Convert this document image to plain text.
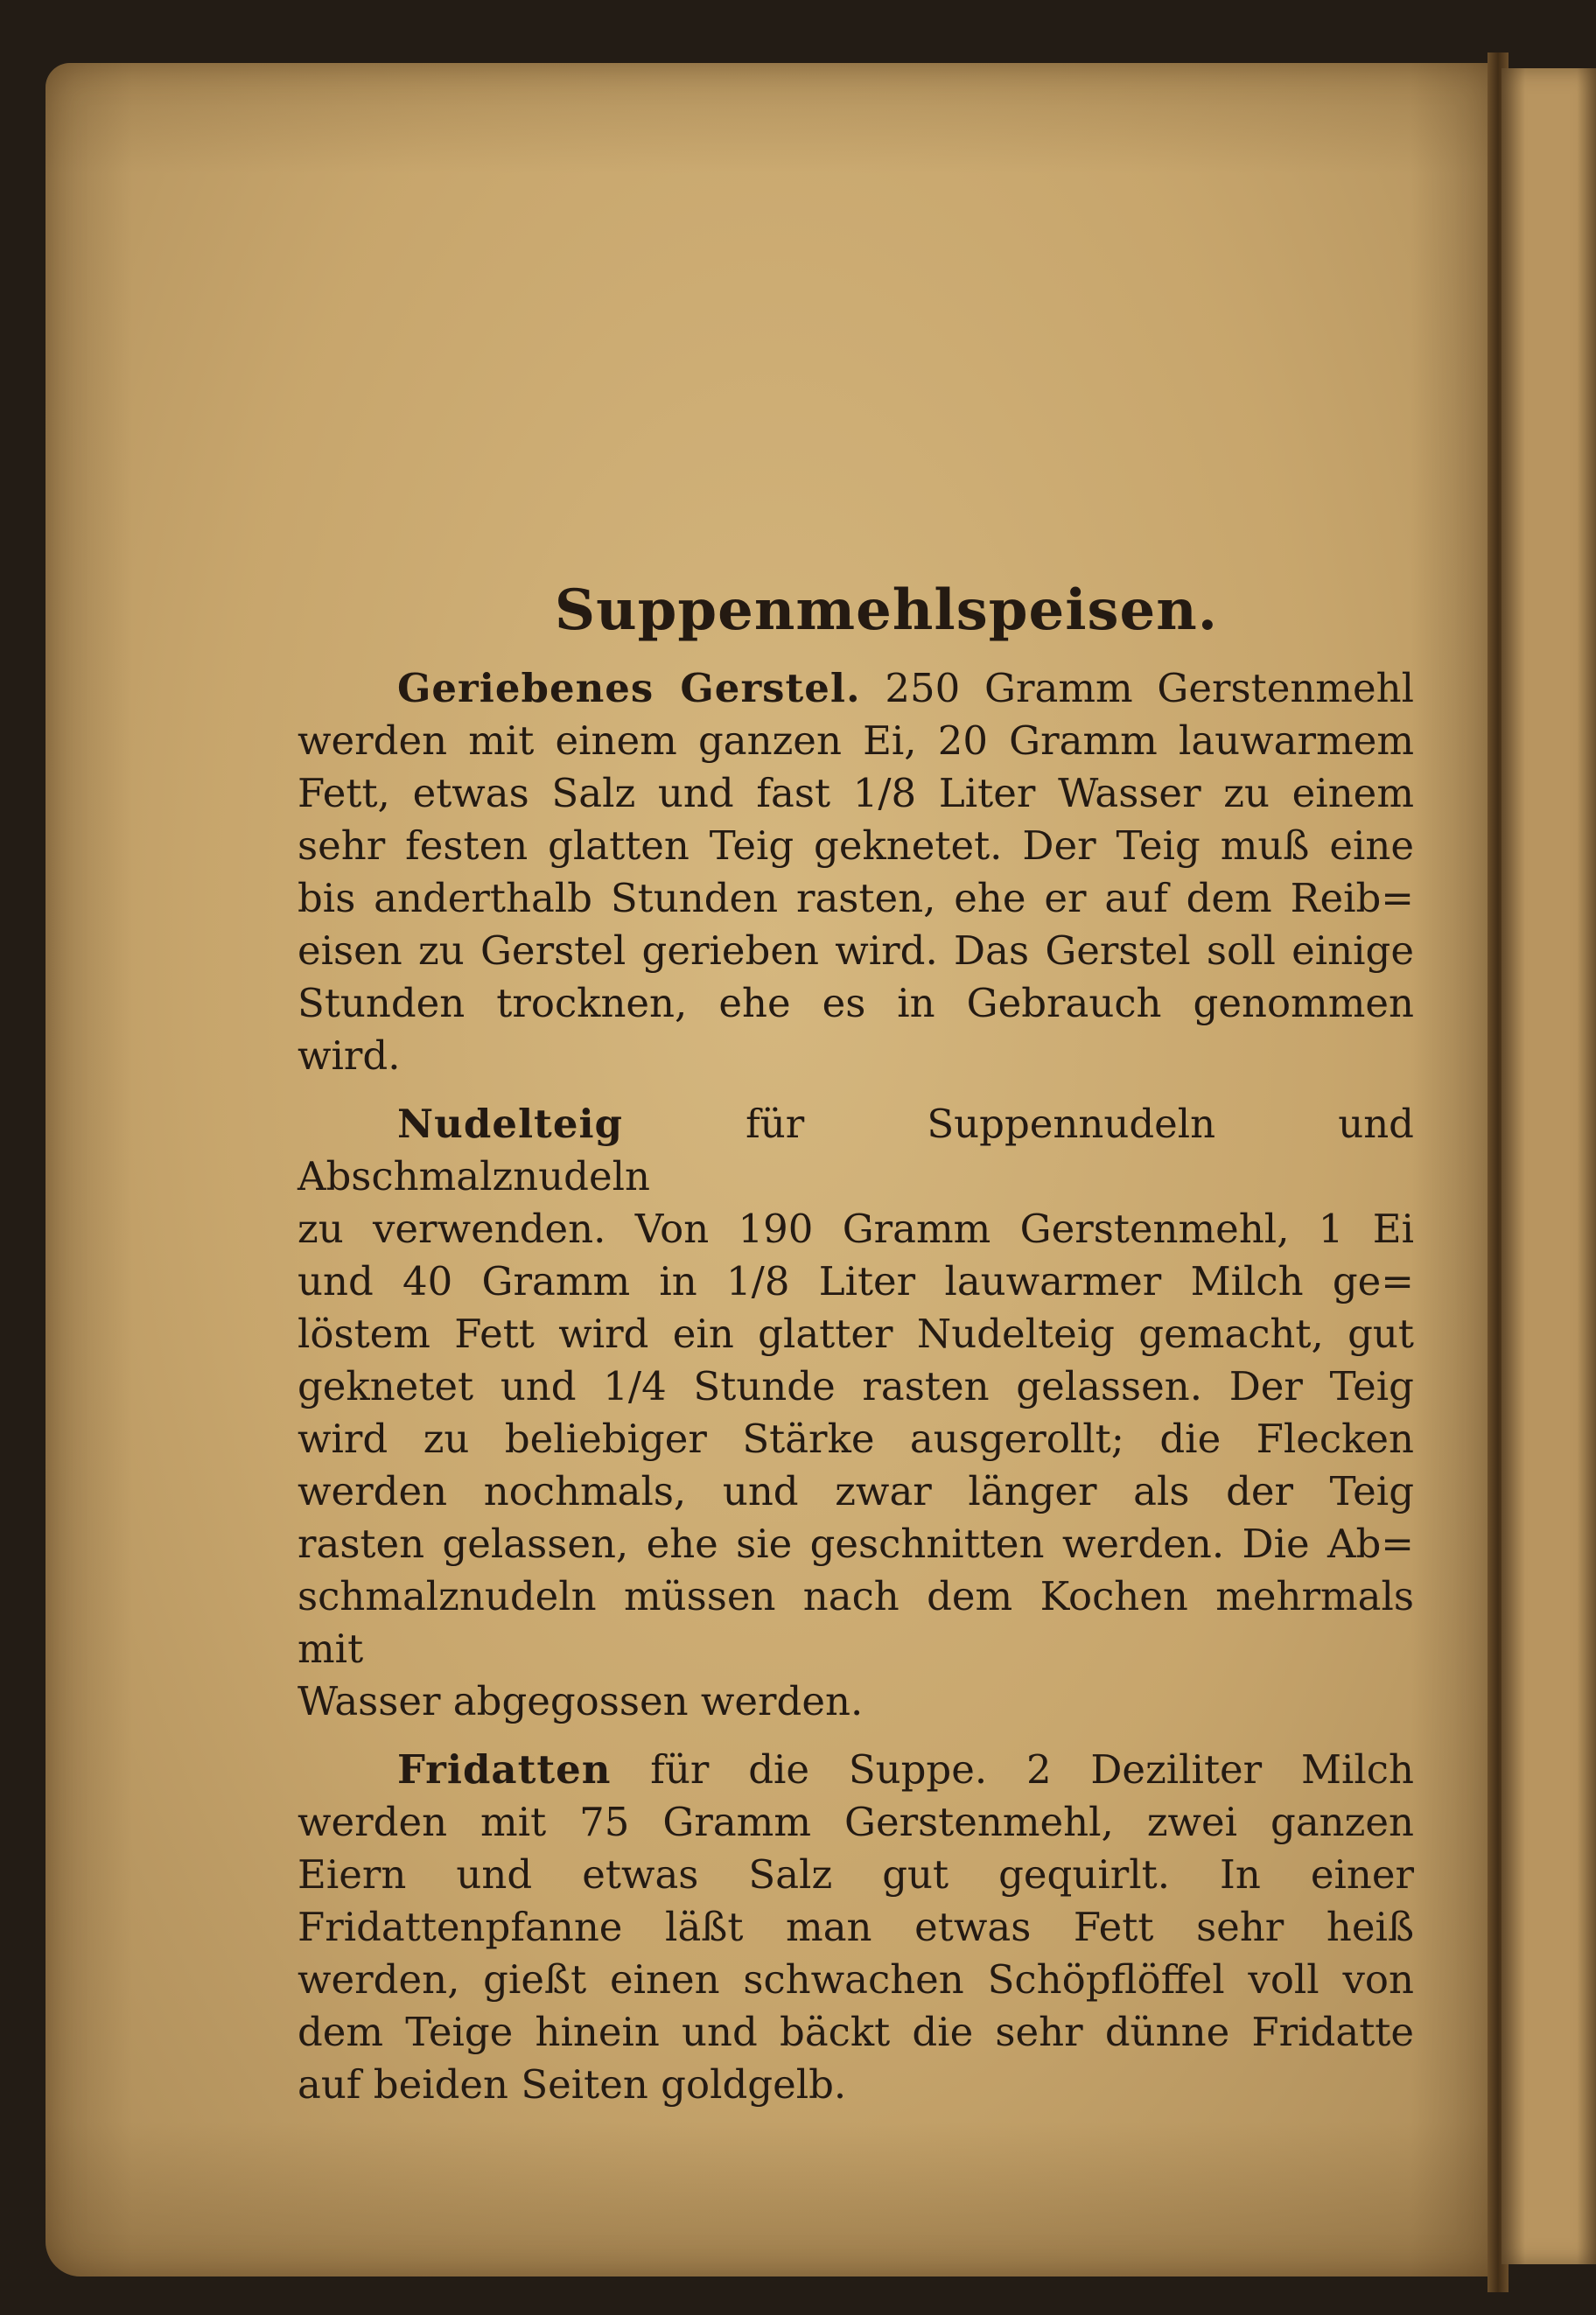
Suppenmehlspeisen.
Geriebenes Gerstel. 250 Gramm Gerstenmehl
werden mit einem ganzen Ei, 20 Gramm lauwarmem
Fett, etwas Salz und fast 1/8 Liter Wasser zu einem
sehr festen glatten Teig geknetet. Der Teig muß eine
bis anderthalb Stunden rasten, ehe er auf dem Reib=
eisen zu Gerstel gerieben wird. Das Gerstel soll einige
Stunden trocknen, ehe es in Gebrauch genommen wird.
Nudelteig	für Suppennudeln und Abschmalznudeln
zu verwenden. Von 190 Gramm Gerstenmehl, 1 Ei
und 40 Gramm in 1/8 Liter lauwarmer Milch ge=
löstem Fett wird ein glatter Nudelteig gemacht, gut
geknetet und 1/4 Stunde rasten gelassen. Der Teig
wird zu beliebiger Stärke ausgerollt; die Flecken
werden nochmals, und zwar länger als der Teig
rasten gelassen, ehe sie geschnitten werden. Die Ab=
schmalznudeln müssen nach dem Kochen mehrmals mit
Wasser abgegossen werden.
Fridatten für die Suppe. 2 Deziliter Milch
werden mit 75 Gramm Gerstenmehl, zwei ganzen
Eiern und etwas Salz gut gequirlt. In einer
Fridattenpfanne läßt man etwas Fett sehr heiß
werden, gießt einen schwachen Schöpflöffel voll von
dem Teige hinein und bäckt die sehr dünne Fridatte
auf beiden Seiten goldgelb.
